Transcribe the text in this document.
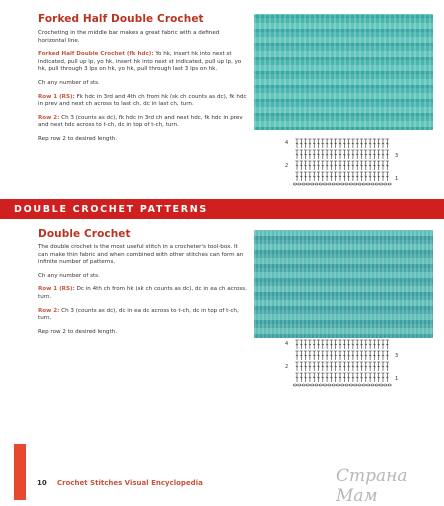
Forked Half Double Crochet

Crocheting in the middle bar makes a great fabric with a defined horizontal line.

Forked Half Double Crochet (fk hdc): Yo hk, insert hk into next st indicated, pull up lp, yo hk, insert hk into next st indicated, pull up lp, yo hk, pull through 3 lps on hk, yo hk, pull through last 3 lps on hk.

Ch any number of sts.

Row 1 (RS): Fk hdc in 3rd and 4th ch from hk (sk ch counts as dc), fk hdc in prev and next ch across to last ch, dc in last ch, turn.

Row 2: Ch 3 (counts as dc), fk hdc in 3rd ch and next hdc, fk hdc in prev and next hdc across to t-ch, dc in top of t-ch, turn.

Rep row 2 to desired length.

4
3
2
1
DOUBLE CROCHET PATTERNS
Double Crochet

The double crochet is the most useful stitch in a crocheter's tool-box. It can make thin fabric and when combined with other stitches can form an infinite number of patterns.

Ch any number of sts.

Row 1 (RS): Dc in 4th ch from hk (sk ch counts as dc), dc in ea ch across, turn.

Row 2: Ch 3 (counts as dc), dc in ea dc across to t-ch, dc in top of t-ch, turn.

Rep row 2 to desired length.

4
3
2
1
10 Crochet Stitches Visual Encyclopedia	Страна Мам
